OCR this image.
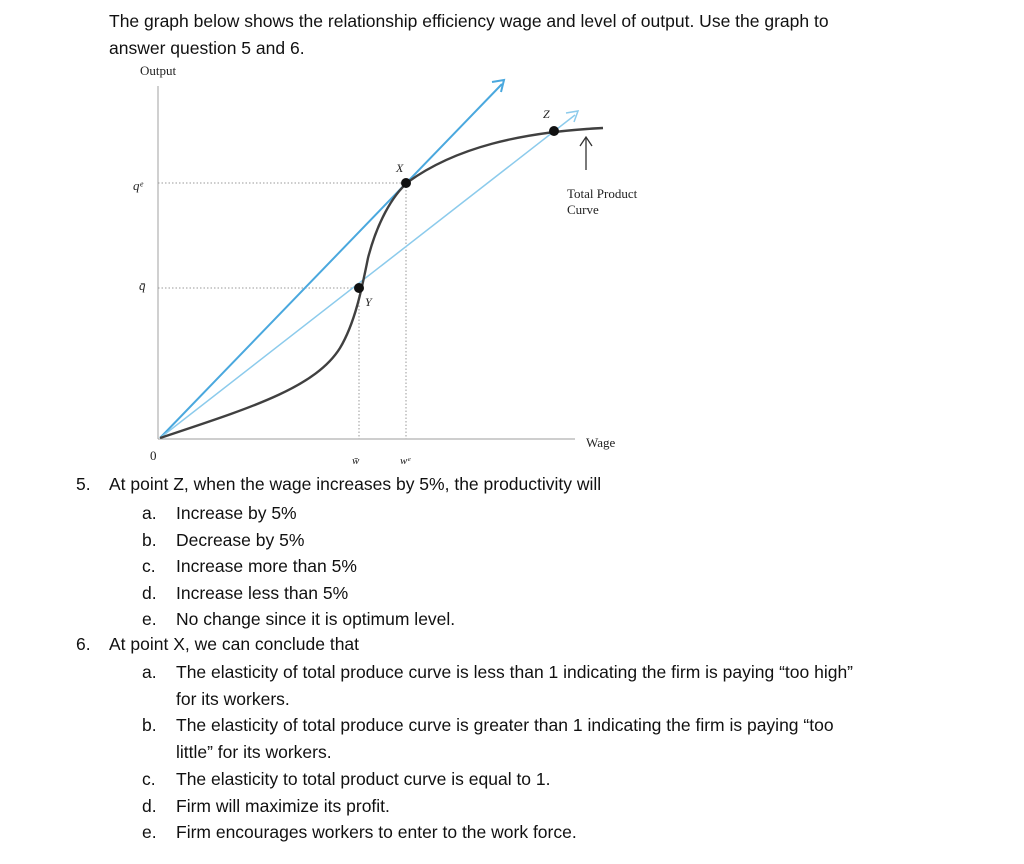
The graph below shows the relationship efficiency wage and level of output. Use the graph to
answer question 5 and 6.
Output
Wage
0
qᵉ
q̄
w̄	wᵉ
X
Y
Z
Total Product
Curve
5. At point Z, when the wage increases by 5%, the productivity will
a. Increase by 5%
b. Decrease by 5%
c. Increase more than 5%
d. Increase less than 5%
e. No change since it is optimum level.
6. At point X, we can conclude that
a. The elasticity of total produce curve is less than 1 indicating the firm is paying “too high”
for its workers.
b. The elasticity of total produce curve is greater than 1 indicating the firm is paying “too
little” for its workers.
c. The elasticity to total product curve is equal to 1.
d. Firm will maximize its profit.
e. Firm encourages workers to enter to the work force.
